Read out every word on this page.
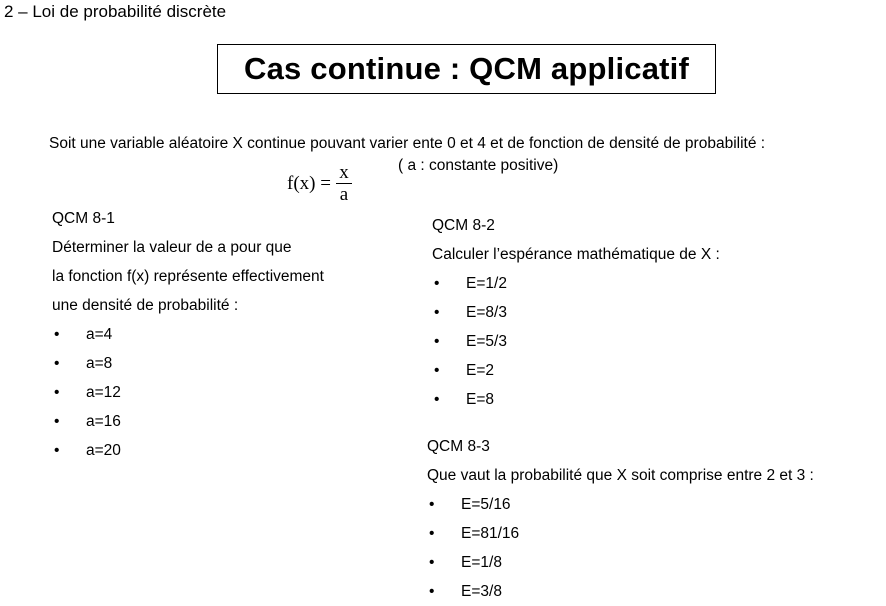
2 – Loi de probabilité discrète
Cas continue : QCM applicatif
Soit une variable aléatoire X continue pouvant varier ente 0 et 4 et de fonction de densité de probabilité :
$f(x) = \frac{x}{a}$	( a : constante positive)
QCM 8-1
Déterminer la valeur de a pour que
la fonction f(x) représente effectivement
une densité de probabilité :
• a=4
• a=8
• a=12
• a=16
• a=20
QCM 8-2
Calculer l’espérance mathématique de X :
• E=1/2
• E=8/3
• E=5/3
• E=2
• E=8
QCM 8-3
Que vaut la probabilité que X soit comprise entre 2 et 3 :
• E=5/16
• E=81/16
• E=1/8
• E=3/8
